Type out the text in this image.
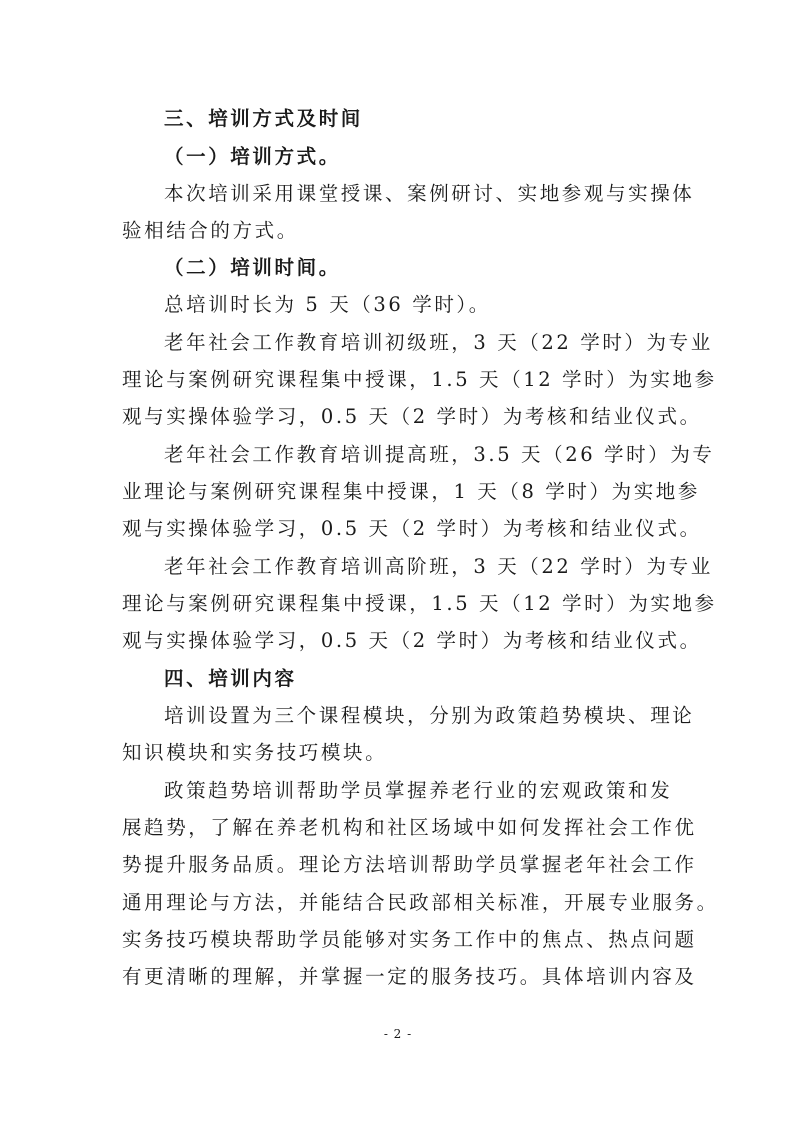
三、培训方式及时间
（一）培训方式。
本次培训采用课堂授课、案例研讨、实地参观与实操体
验相结合的方式。
（二）培训时间。
总培训时长为 5 天（36 学时）。
老年社会工作教育培训初级班，3 天（22 学时）为专业
理论与案例研究课程集中授课，1.5 天（12 学时）为实地参
观与实操体验学习，0.5 天（2 学时）为考核和结业仪式。
老年社会工作教育培训提高班，3.5 天（26 学时）为专
业理论与案例研究课程集中授课，1 天（8 学时）为实地参
观与实操体验学习，0.5 天（2 学时）为考核和结业仪式。
老年社会工作教育培训高阶班，3 天（22 学时）为专业
理论与案例研究课程集中授课，1.5 天（12 学时）为实地参
观与实操体验学习，0.5 天（2 学时）为考核和结业仪式。
四、培训内容
培训设置为三个课程模块，分别为政策趋势模块、理论
知识模块和实务技巧模块。
政策趋势培训帮助学员掌握养老行业的宏观政策和发
展趋势，了解在养老机构和社区场域中如何发挥社会工作优
势提升服务品质。理论方法培训帮助学员掌握老年社会工作
通用理论与方法，并能结合民政部相关标准，开展专业服务。
实务技巧模块帮助学员能够对实务工作中的焦点、热点问题
有更清晰的理解，并掌握一定的服务技巧。具体培训内容及
- 2 -
